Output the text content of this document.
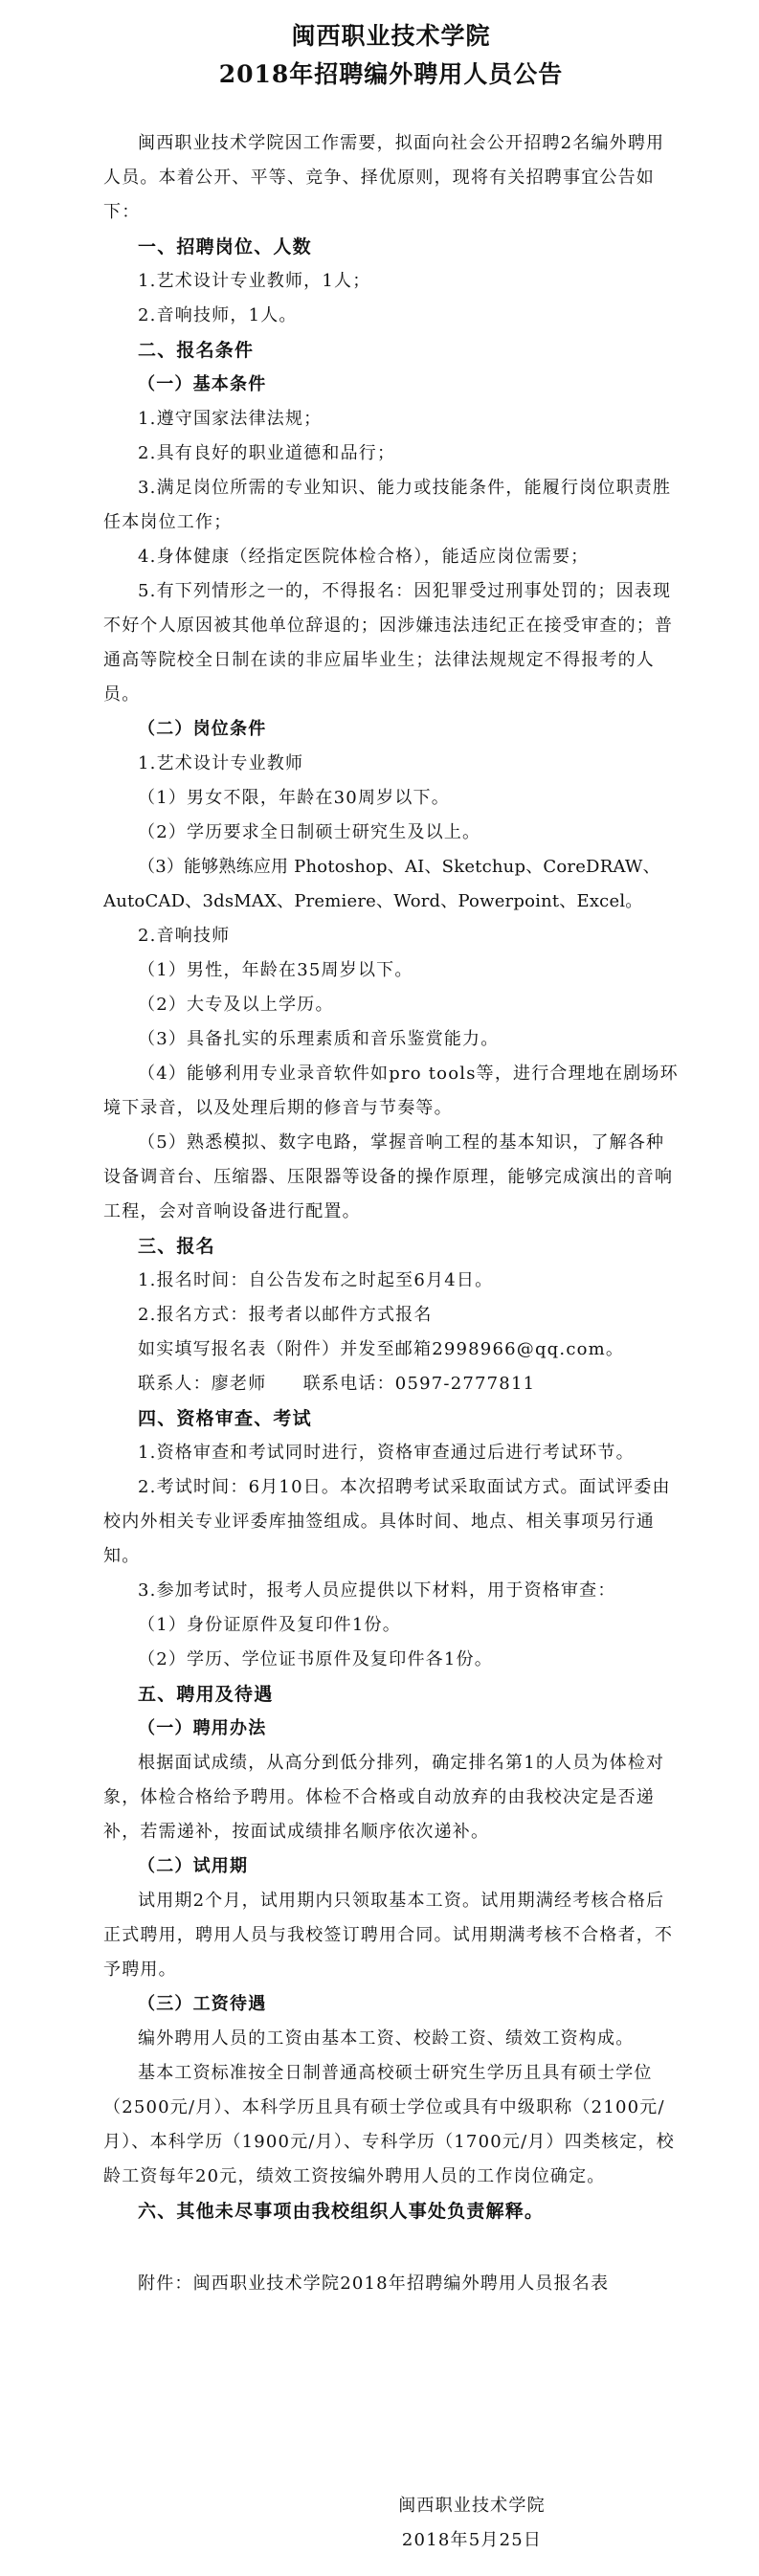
闽西职业技术学院
2018年招聘编外聘用人员公告

闽西职业技术学院因工作需要，拟面向社会公开招聘2名编外聘用人员。本着公开、平等、竞争、择优原则，现将有关招聘事宜公告如下：

一、招聘岗位、人数

1.艺术设计专业教师，1人；

2.音响技师，1人。

二、报名条件

（一）基本条件

1.遵守国家法律法规；

2.具有良好的职业道德和品行；

3.满足岗位所需的专业知识、能力或技能条件，能履行岗位职责胜任本岗位工作；

4.身体健康（经指定医院体检合格），能适应岗位需要；

5.有下列情形之一的，不得报名：因犯罪受过刑事处罚的；因表现不好个人原因被其他单位辞退的；因涉嫌违法违纪正在接受审查的；普通高等院校全日制在读的非应届毕业生；法律法规规定不得报考的人员。

（二）岗位条件

1.艺术设计专业教师

（1）男女不限，年龄在30周岁以下。

（2）学历要求全日制硕士研究生及以上。

（3）能够熟练应用 Photoshop、AI、Sketchup、CoreDRAW、AutoCAD、3dsMAX、Premiere、Word、Powerpoint、Excel。

2.音响技师

（1）男性，年龄在35周岁以下。

（2）大专及以上学历。

（3）具备扎实的乐理素质和音乐鉴赏能力。

（4）能够利用专业录音软件如pro tools等，进行合理地在剧场环境下录音，以及处理后期的修音与节奏等。

（5）熟悉模拟、数字电路，掌握音响工程的基本知识，了解各种设备调音台、压缩器、压限器等设备的操作原理，能够完成演出的音响工程，会对音响设备进行配置。

三、报名

1.报名时间：自公告发布之时起至6月4日。

2.报名方式：报考者以邮件方式报名

如实填写报名表（附件）并发至邮箱2998966@qq.com。

联系人：廖老师　　联系电话：0597-2777811

四、资格审查、考试

1.资格审查和考试同时进行，资格审查通过后进行考试环节。

2.考试时间：6月10日。本次招聘考试采取面试方式。面试评委由校内外相关专业评委库抽签组成。具体时间、地点、相关事项另行通知。

3.参加考试时，报考人员应提供以下材料，用于资格审查：

（1）身份证原件及复印件1份。

（2）学历、学位证书原件及复印件各1份。

五、聘用及待遇

（一）聘用办法

根据面试成绩，从高分到低分排列，确定排名第1的人员为体检对象，体检合格给予聘用。体检不合格或自动放弃的由我校决定是否递补，若需递补，按面试成绩排名顺序依次递补。

（二）试用期

试用期2个月，试用期内只领取基本工资。试用期满经考核合格后正式聘用，聘用人员与我校签订聘用合同。试用期满考核不合格者，不予聘用。

（三）工资待遇

编外聘用人员的工资由基本工资、校龄工资、绩效工资构成。

基本工资标准按全日制普通高校硕士研究生学历且具有硕士学位（2500元/月）、本科学历且具有硕士学位或具有中级职称（2100元/月）、本科学历（1900元/月）、专科学历（1700元/月）四类核定，校龄工资每年20元，绩效工资按编外聘用人员的工作岗位确定。

六、其他未尽事项由我校组织人事处负责解释。

附件：闽西职业技术学院2018年招聘编外聘用人员报名表

闽西职业技术学院

2018年5月25日
